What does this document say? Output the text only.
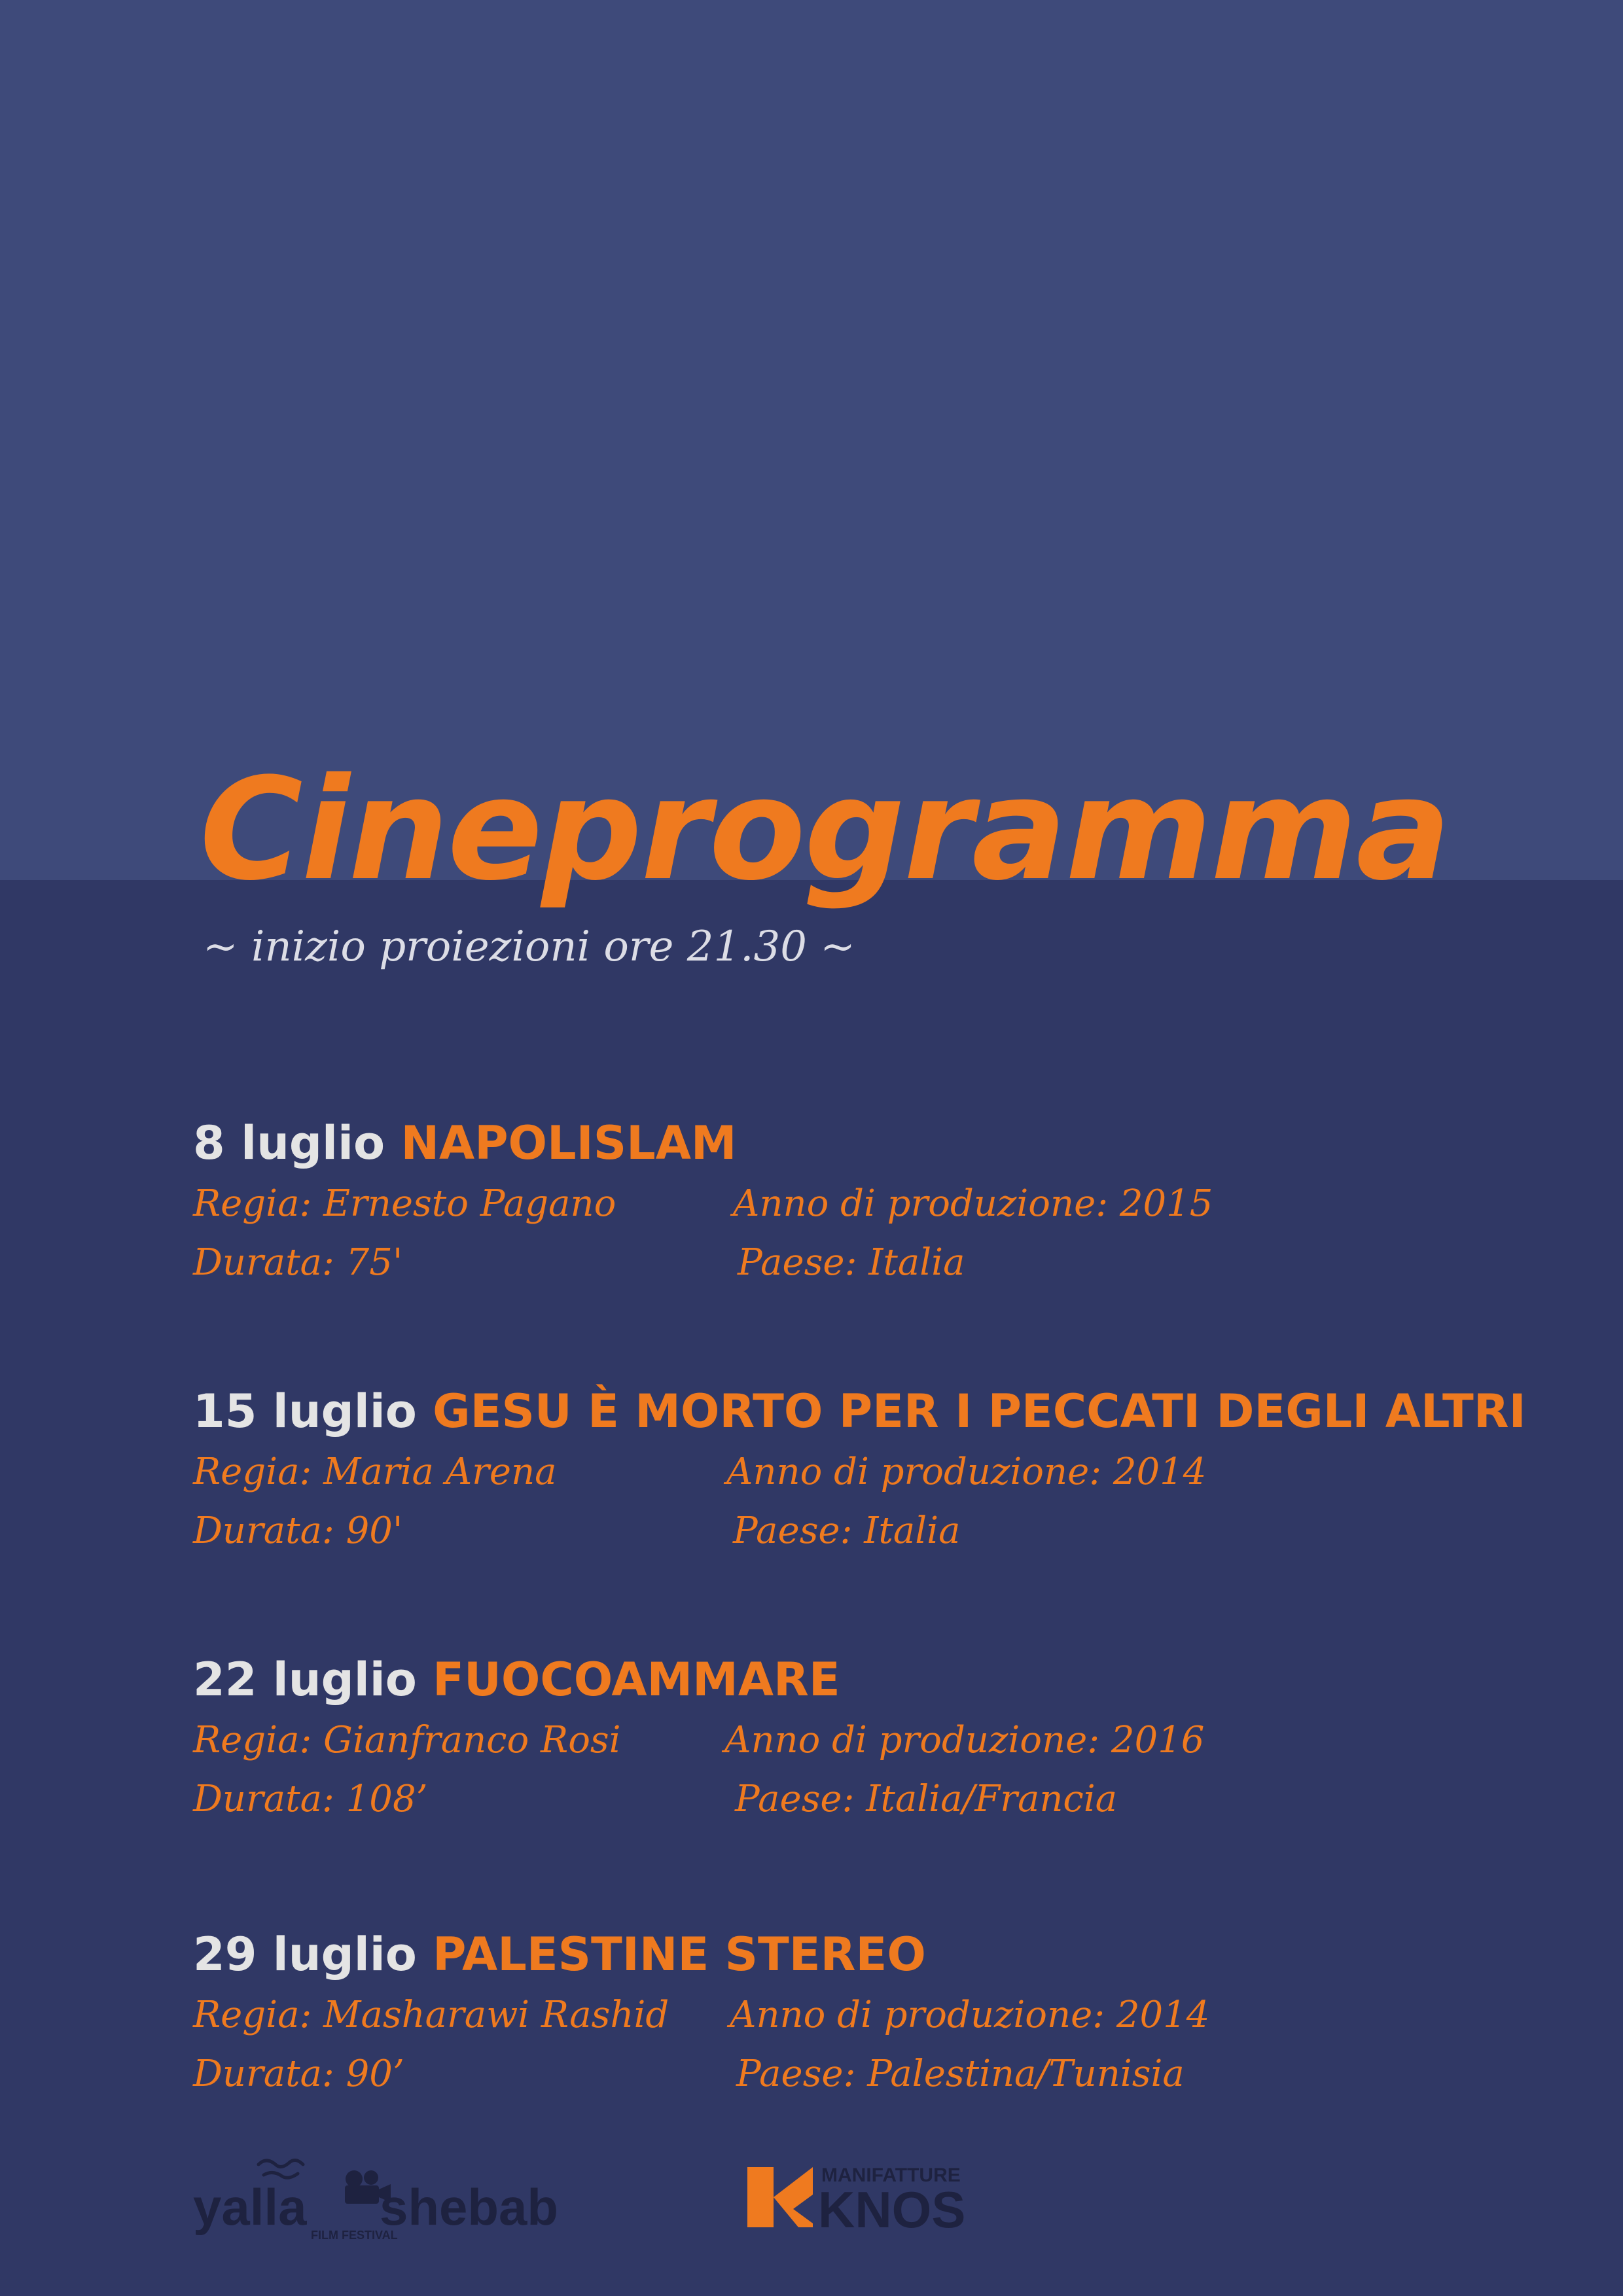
Cineprogramma
~ inizio proiezioni ore 21.30 ~
8 luglio NAPOLISLAM
Regia: Ernesto Pagano
Durata: 75'
Anno di produzione: 2015
Paese: Italia
15 luglio GESU È MORTO PER I PECCATI DEGLI ALTRI
Regia: Maria Arena
Durata: 90'
Anno di produzione: 2014
Paese: Italia
22 luglio FUOCOAMMARE
Regia: Gianfranco Rosi
Durata: 108’
Anno di produzione: 2016
Paese: Italia/Francia
29 luglio PALESTINE STEREO
Regia: Masharawi Rashid
Durata: 90’
Anno di produzione: 2014
Paese: Palestina/Tunisia
yalla shebab
FILM FESTIVAL
MANIFATTURE
KNOS
